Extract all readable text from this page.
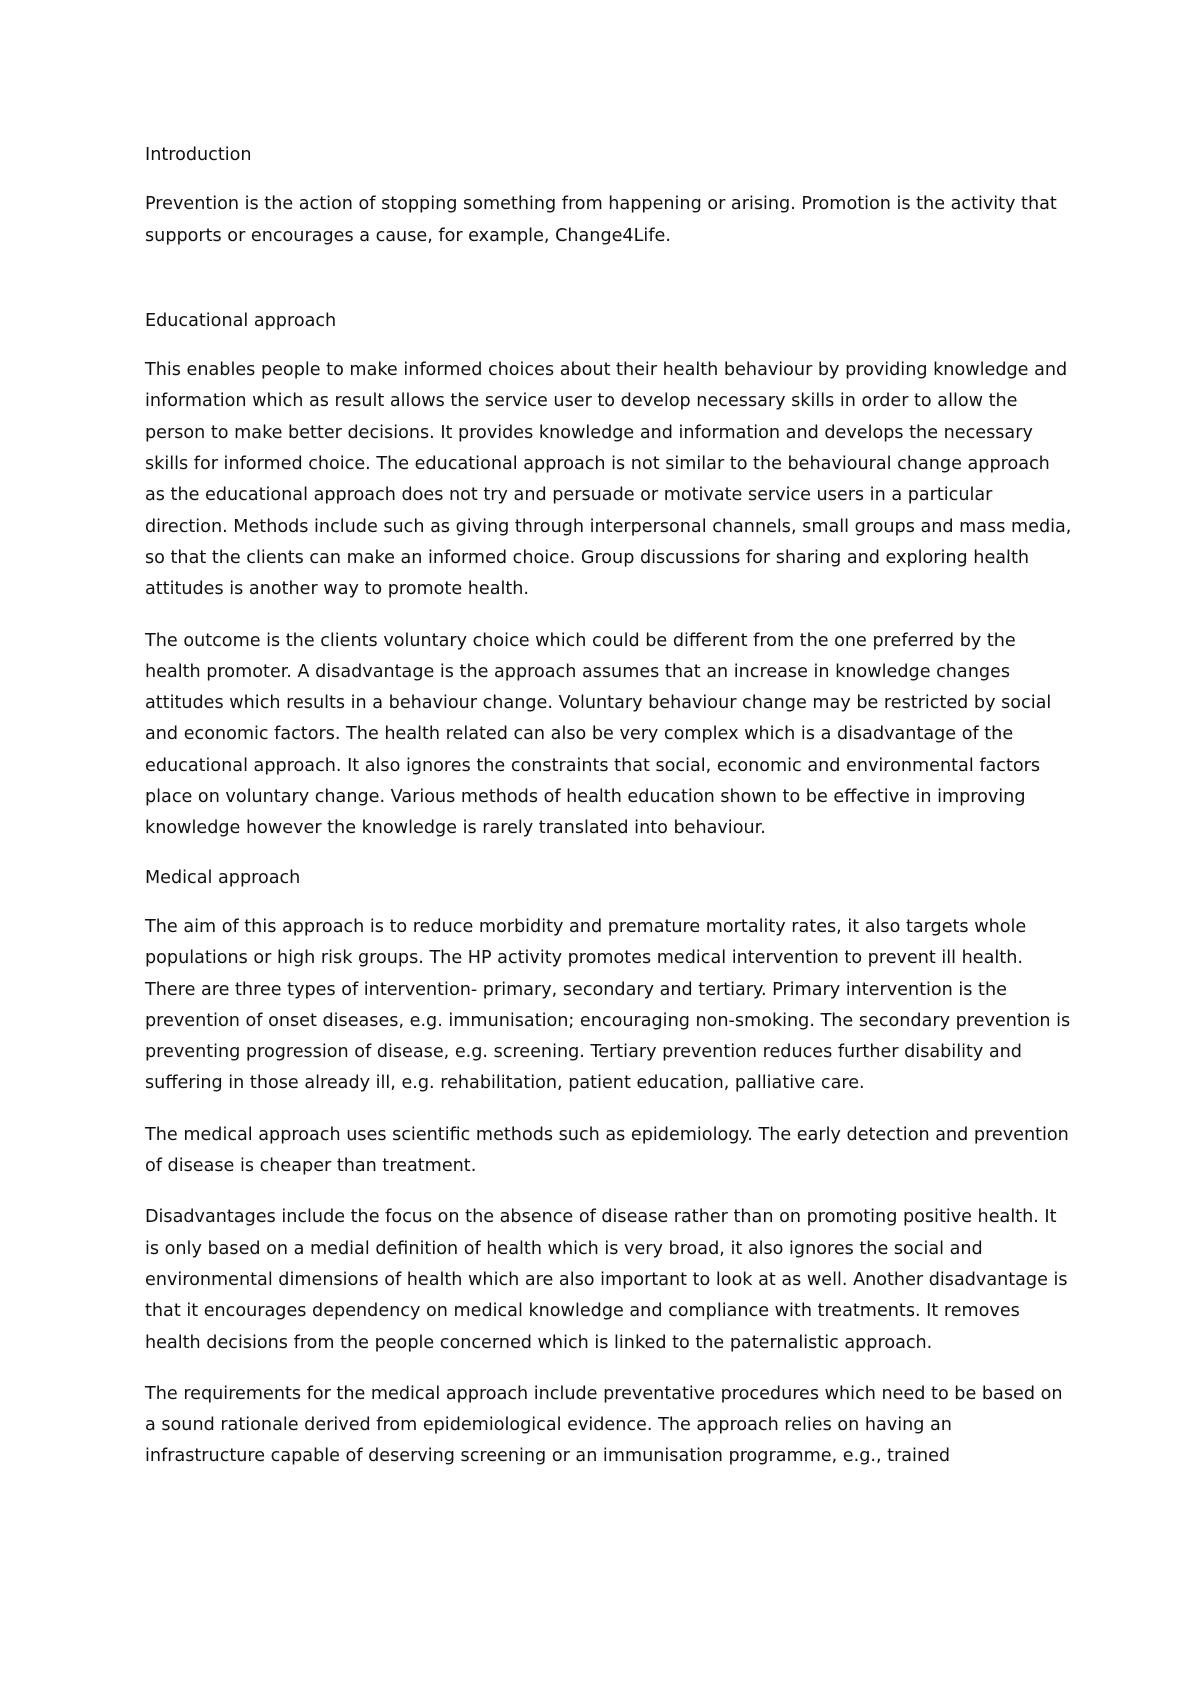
Introduction

Prevention is the action of stopping something from happening or arising. Promotion is the activity that supports or encourages a cause, for example, Change4Life.

Educational approach

This enables people to make informed choices about their health behaviour by providing knowledge and information which as result allows the service user to develop necessary skills in order to allow the person to make better decisions. It provides knowledge and information and develops the necessary skills for informed choice. The educational approach is not similar to the behavioural change approach as the educational approach does not try and persuade or motivate service users in a particular direction. Methods include such as giving through interpersonal channels, small groups and mass media, so that the clients can make an informed choice. Group discussions for sharing and exploring health attitudes is another way to promote health.

The outcome is the clients voluntary choice which could be different from the one preferred by the health promoter. A disadvantage is the approach assumes that an increase in knowledge changes attitudes which results in a behaviour change. Voluntary behaviour change may be restricted by social and economic factors. The health related can also be very complex which is a disadvantage of the educational approach. It also ignores the constraints that social, economic and environmental factors place on voluntary change. Various methods of health education shown to be effective in improving knowledge however the knowledge is rarely translated into behaviour.

Medical approach

The aim of this approach is to reduce morbidity and premature mortality rates, it also targets whole populations or high risk groups. The HP activity promotes medical intervention to prevent ill health. There are three types of intervention- primary, secondary and tertiary. Primary intervention is the prevention of onset diseases, e.g. immunisation; encouraging non-smoking. The secondary prevention is preventing progression of disease, e.g. screening. Tertiary prevention reduces further disability and suffering in those already ill, e.g. rehabilitation, patient education, palliative care.

The medical approach uses scientific methods such as epidemiology. The early detection and prevention of disease is cheaper than treatment.

Disadvantages include the focus on the absence of disease rather than on promoting positive health. It is only based on a medial definition of health which is very broad, it also ignores the social and environmental dimensions of health which are also important to look at as well. Another disadvantage is that it encourages dependency on medical knowledge and compliance with treatments. It removes health decisions from the people concerned which is linked to the paternalistic approach.

The requirements for the medical approach include preventative procedures which need to be based on a sound rationale derived from epidemiological evidence. The approach relies on having an infrastructure capable of deserving screening or an immunisation programme, e.g., trained
